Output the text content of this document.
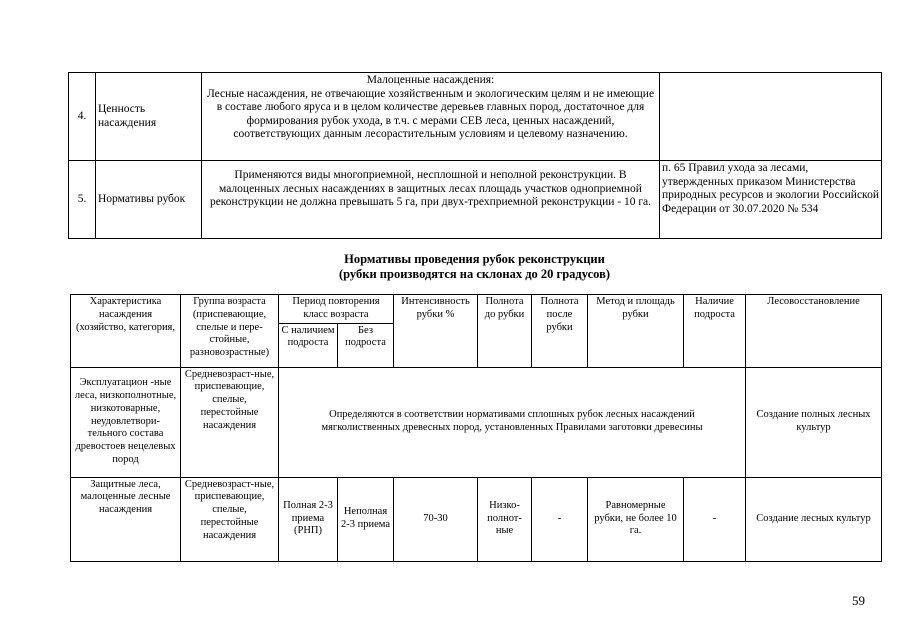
4.	Ценность насаждения	Малоценные насаждения:
Лесные насаждения, не отвечающие хозяйственным и экологическим целям и не имеющие в составе любого яруса и в целом количестве деревьев главных пород, достаточное для формирования рубок ухода, в т.ч. с мерами СЕВ леса, ценных насаждений, соответствующих данным лесорастительным условиям и целевому назначению.	

5.	Нормативы рубок	Применяются виды многоприемной, несплошной и неполной реконструкции. В малоценных лесных насаждениях в защитных лесах площадь участков одноприемной реконструкции не должна превышать 5 га, при двух-трехприемной реконструкции - 10 га.	п. 65 Правил ухода за лесами, утвержденных приказом Министерства природных ресурсов и экологии Российской Федерации от 30.07.2020 № 534
Нормативы проведения рубок реконструкции
(рубки производятся на склонах до 20 градусов)
Характеристика насаждения (хозяйство, категория,	Группа возраста (приспевающие, спелые и пере-стойные, разновозрастные)	Период повторения класс возраста		Интенсивность рубки %	Полнота до рубки	Полнота после рубки	Метод и площадь рубки	Наличие подроста	Лесовосстановление
		С наличием подроста	Без подроста						
Эксплуатацион -ные леса, низкополнотные, низкотоварные, неудовлетвори-тельного состава древостоев нецелевых пород	Средневозраст-ные, приспевающие, спелые, перестойные насаждения	Определяются в соответствии нормативами сплошных рубок лесных насаждений мягколиственных древесных пород, установленных Правилами заготовки древесины							Создание полных лесных культур
Защитные леса, малоценные лесные насаждения	Средневозраст-ные, приспевающие, спелые, перестойные насаждения	Полная 2-3 приема (РНП)	Неполная 2-3 приема	70-30	Низко-полнот-ные	-	Равномерные рубки, не более 10 га.	-	Создание лесных культур
59
